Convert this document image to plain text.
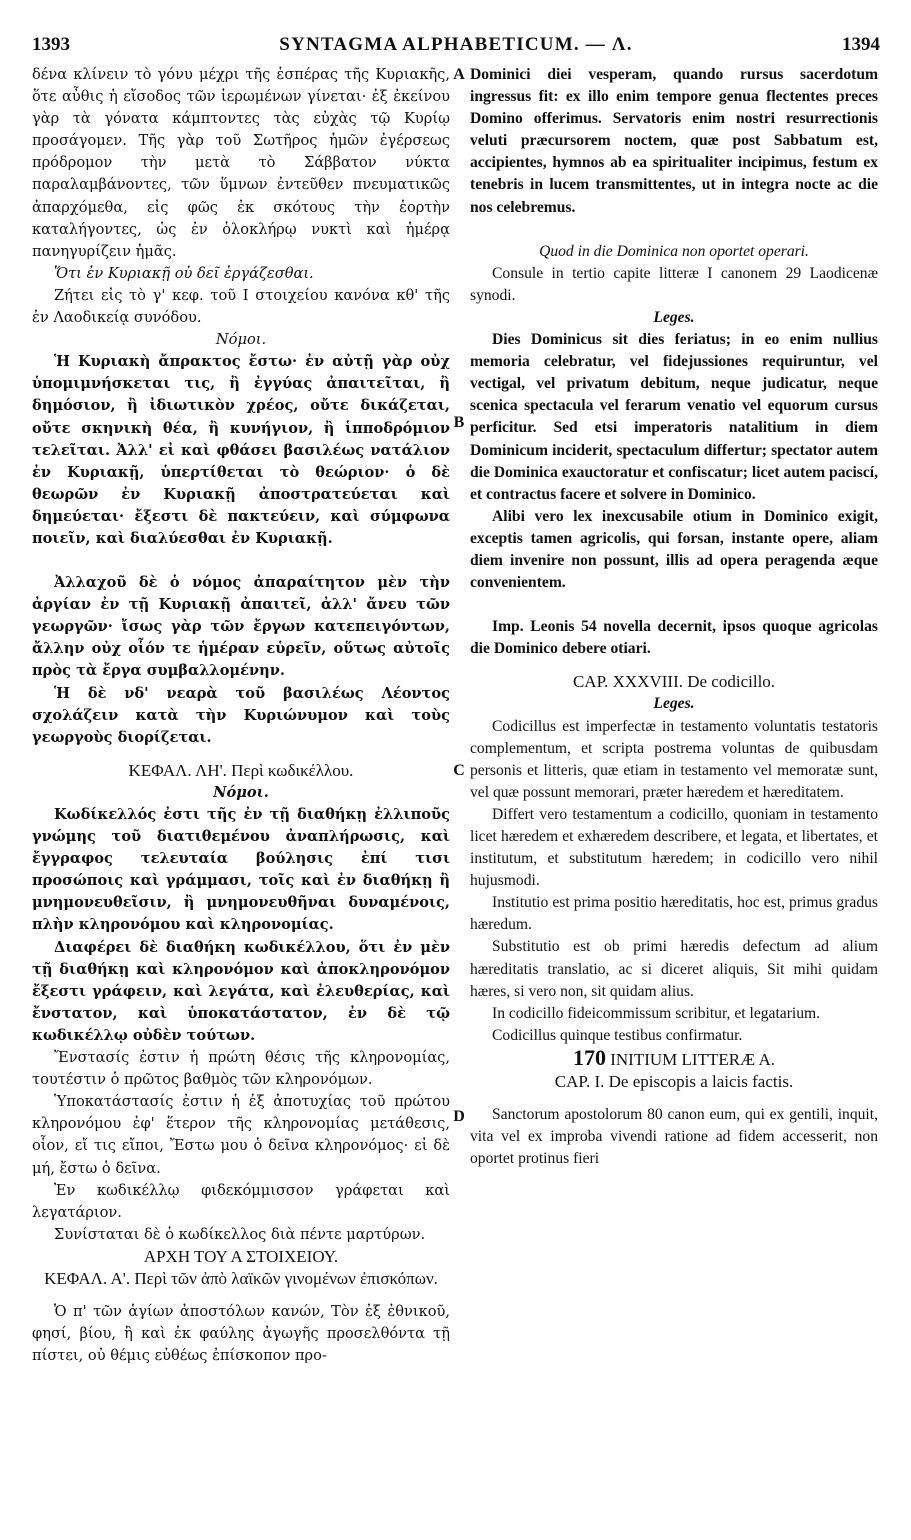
1393	SYNTAGMA ALPHABETICUM. — Λ.	1394
A
B
C
D

δένα κλίνειν τὸ γόνυ μέχρι τῆς ἑσπέρας τῆς Κυριακῆς, ὅτε αὖθις ἡ εἴσοδος τῶν ἱερωμένων γίνεται· ἐξ ἐκείνου γὰρ τὰ γόνατα κάμπτοντες τὰς εὐχὰς τῷ Κυρίῳ προσάγομεν. Τῆς γὰρ τοῦ Σωτῆρος ἡμῶν ἐγέρσεως πρόδρομον τὴν μετὰ τὸ Σάββατον νύκτα παραλαμβάνοντες, τῶν ὕμνων ἐντεῦθεν πνευματικῶς ἀπαρχόμεθα, εἰς φῶς ἐκ σκότους τὴν ἑορτὴν καταλήγοντες, ὡς ἐν ὁλοκλήρῳ νυκτὶ καὶ ἡμέρᾳ πανηγυρίζειν ἡμᾶς.

Ὅτι ἐν Κυριακῇ οὐ δεῖ ἐργάζεσθαι.

Ζήτει εἰς τὸ γ' κεφ. τοῦ Ι στοιχείου κανόνα κθ' τῆς ἐν Λαοδικείᾳ συνόδου.

Νόμοι.

Ἡ Κυριακὴ ἄπρακτος ἔστω· ἐν αὐτῇ γὰρ οὐχ ὑπομιμνήσκεται τις, ἢ ἐγγύας ἀπαιτεῖται, ἢ δημόσιον, ἢ ἰδιωτικὸν χρέος, οὔτε δικάζεται, οὔτε σκηνικὴ θέα, ἢ κυνήγιον, ἢ ἱπποδρόμιον τελεῖται. Ἀλλ' εἰ καὶ φθάσει βασιλέως νατάλιον ἐν Κυριακῇ, ὑπερτίθεται τὸ θεώριον· ὁ δὲ θεωρῶν ἐν Κυριακῇ ἀποστρατεύεται καὶ δημεύεται· ἔξεστι δὲ πακτεύειν, καὶ σύμφωνα ποιεῖν, καὶ διαλύεσθαι ἐν Κυριακῇ.

Ἀλλαχοῦ δὲ ὁ νόμος ἀπαραίτητον μὲν τὴν ἀργίαν ἐν τῇ Κυριακῇ ἀπαιτεῖ, ἀλλ' ἄνευ τῶν γεωργῶν· ἴσως γὰρ τῶν ἔργων κατεπειγόντων, ἄλλην οὐχ οἷόν τε ἡμέραν εὑρεῖν, οὕτως αὐτοῖς πρὸς τὰ ἔργα συμβαλλομένην.

Ἡ δὲ νδ' νεαρὰ τοῦ βασιλέως Λέοντος σχολάζειν κατὰ τὴν Κυριώνυμον καὶ τοὺς γεωργοὺς διορίζεται.

ΚΕΦΑΛ. ΛΗ'. Περὶ κωδικέλλου.

Νόμοι.

Κωδίκελλός ἐστι τῆς ἐν τῇ διαθήκῃ ἐλλιποῦς γνώμης τοῦ διατιθεμένου ἀναπλήρωσις, καὶ ἔγγραφος τελευταία βούλησις ἐπί τισι προσώποις καὶ γράμμασι, τοῖς καὶ ἐν διαθήκῃ ἢ μνημονευθεῖσιν, ἢ μνημονευθῆναι δυναμένοις, πλὴν κληρονόμου καὶ κληρονομίας.

Διαφέρει δὲ διαθήκη κωδικέλλου, ὅτι ἐν μὲν τῇ διαθήκῃ καὶ κληρονόμον καὶ ἀποκληρονόμον ἔξεστι γράφειν, καὶ λεγάτα, καὶ ἐλευθερίας, καὶ ἔνστατον, καὶ ὑποκατάστατον, ἐν δὲ τῷ κωδικέλλῳ οὐδὲν τούτων.

Ἔνστασίς ἐστιν ἡ πρώτη θέσις τῆς κληρονομίας, τουτέστιν ὁ πρῶτος βαθμὸς τῶν κληρονόμων.

Ὑποκατάστασίς ἐστιν ἡ ἐξ ἀποτυχίας τοῦ πρώτου κληρονόμου ἐφ' ἕτερον τῆς κληρονομίας μετάθεσις, οἷον, εἴ τις εἴποι, Ἔστω μου ὁ δεῖνα κληρονόμος· εἰ δὲ μή, ἔστω ὁ δεῖνα.

Ἐν κωδικέλλῳ φιδεκόμμισσον γράφεται καὶ λεγατάριον.

Συνίσταται δὲ ὁ κωδίκελλος διὰ πέντε μαρτύρων.

ΑΡΧΗ ΤΟΥ Α ΣΤΟΙΧΕΙΟΥ.

ΚΕΦΑΛ. Α'. Περὶ τῶν ἀπὸ λαϊκῶν γινομένων ἐπισκόπων.

Ὁ π' τῶν ἁγίων ἀποστόλων κανών, Τὸν ἐξ ἐθνικοῦ, φησί, βίου, ἢ καὶ ἐκ φαύλης ἀγωγῆς προσελθόντα τῇ πίστει, οὐ θέμις εὐθέως ἐπίσκοπον προ-

Dominici diei vesperam, quando rursus sacerdotum ingressus fit: ex illo enim tempore genua flectentes preces Domino offerimus. Servatoris enim nostri resurrectionis veluti præcursorem noctem, quæ post Sabbatum est, accipientes, hymnos ab ea spiritualiter incipimus, festum ex tenebris in lucem transmittentes, ut in integra nocte ac die nos celebremus.

Quod in die Dominica non oportet operari.

Consule in tertio capite litteræ I canonem 29 Laodicenæ synodi.

Leges.

Dies Dominicus sit dies feriatus; in eo enim nullius memoria celebratur, vel fidejussiones requiruntur, vel vectigal, vel privatum debitum, neque judicatur, neque scenica spectacula vel ferarum venatio vel equorum cursus perficitur. Sed etsi imperatoris natalitium in diem Dominicum inciderit, spectaculum differtur; spectator autem die Dominica exauctoratur et confiscatur; licet autem paciscí, et contractus facere et solvere in Dominico.

Alibi vero lex inexcusabile otium in Dominico exigit, exceptis tamen agricolis, qui forsan, instante opere, aliam diem invenire non possunt, illis ad opera peragenda æque convenientem.

Imp. Leonis 54 novella decernit, ipsos quoque agricolas die Dominico debere otiari.

CAP. XXXVIII. De codicillo.

Leges.

Codicillus est imperfectæ in testamento voluntatis testatoris complementum, et scripta postrema voluntas de quibusdam personis et litteris, quæ etiam in testamento vel memoratæ sunt, vel quæ possunt memorari, præter hæredem et hæreditatem.

Differt vero testamentum a codicillo, quoniam in testamento licet hæredem et exhæredem describere, et legata, et libertates, et institutum, et substitutum hæredem; in codicillo vero nihil hujusmodi.

Institutio est prima positio hæreditatis, hoc est, primus gradus hæredum.

Substitutio est ob primi hæredis defectum ad alium hæreditatis translatio, ac si diceret aliquis, Sit mihi quidam hæres, si vero non, sit quidam alius.

In codicillo fideicommissum scribitur, et legatarium.

Codicillus quinque testibus confirmatur.

170 INITIUM LITTERÆ A.

CAP. I. De episcopis a laicis factis.

Sanctorum apostolorum 80 canon eum, qui ex gentili, inquit, vita vel ex improba vivendi ratione ad fidem accesserit, non oportet protinus fieri
